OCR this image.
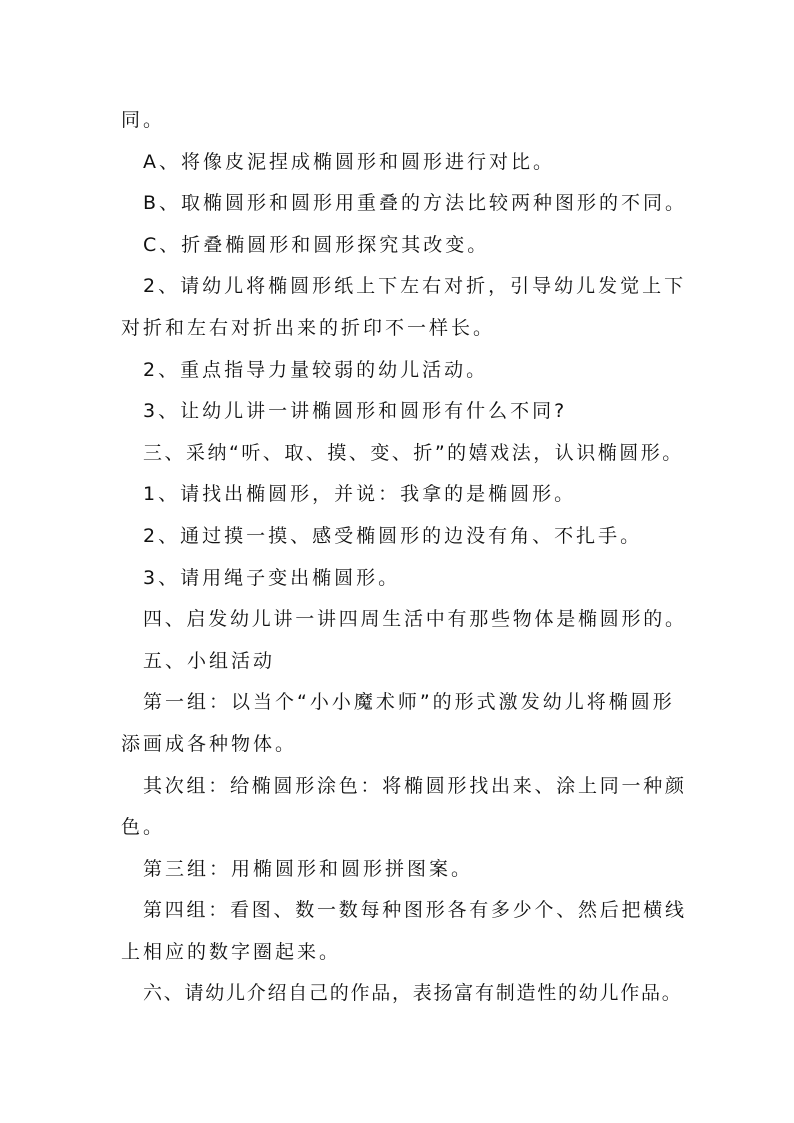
同。
A、将像皮泥捏成椭圆形和圆形进行对比。
B、取椭圆形和圆形用重叠的方法比较两种图形的不同。
C、折叠椭圆形和圆形探究其改变。
2、请幼儿将椭圆形纸上下左右对折，引导幼儿发觉上下
对折和左右对折出来的折印不一样长。
2、重点指导力量较弱的幼儿活动。
3、让幼儿讲一讲椭圆形和圆形有什么不同?
三、采纳“听、取、摸、变、折”的嬉戏法，认识椭圆形。
1、请找出椭圆形，并说：我拿的是椭圆形。
2、通过摸一摸、感受椭圆形的边没有角、不扎手。
3、请用绳子变出椭圆形。
四、启发幼儿讲一讲四周生活中有那些物体是椭圆形的。
五、小组活动
第一组：以当个“小小魔术师”的形式激发幼儿将椭圆形
添画成各种物体。
其次组：给椭圆形涂色：将椭圆形找出来、涂上同一种颜
色。
第三组：用椭圆形和圆形拼图案。
第四组：看图、数一数每种图形各有多少个、然后把横线
上相应的数字圈起来。
六、请幼儿介绍自己的作品，表扬富有制造性的幼儿作品。
